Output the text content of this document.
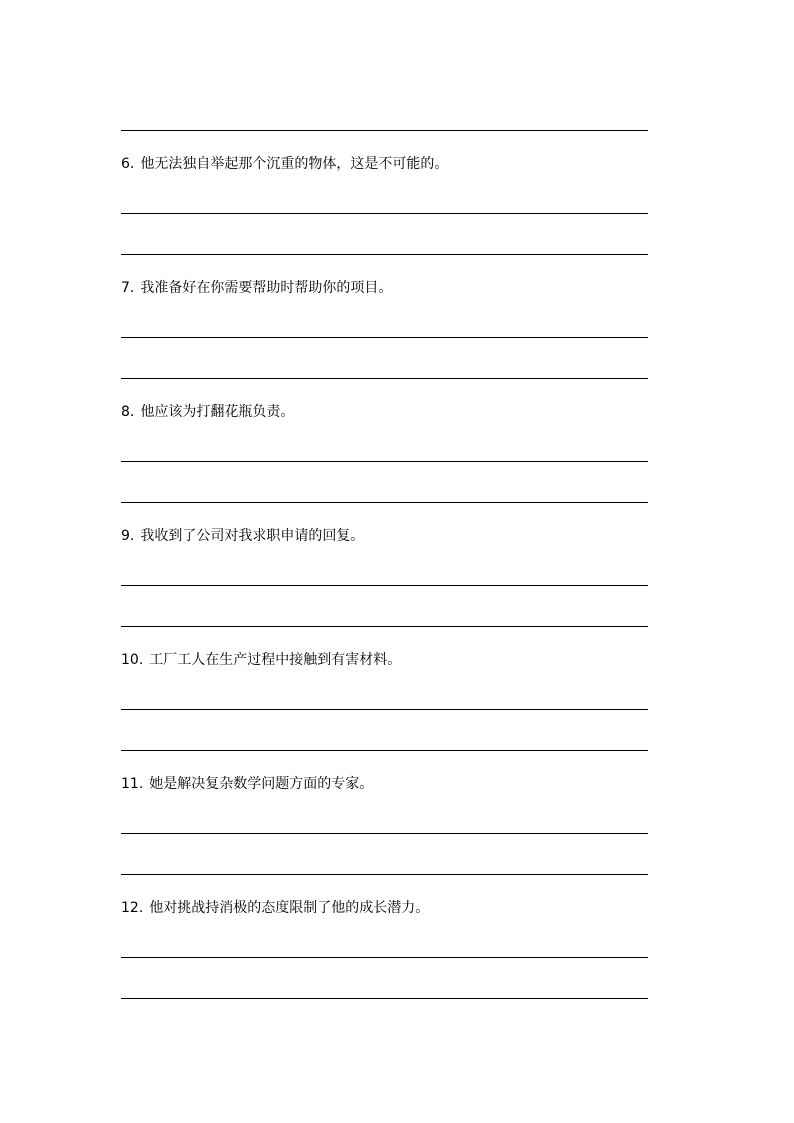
6. 他无法独自举起那个沉重的物体，这是不可能的。
7. 我准备好在你需要帮助时帮助你的项目。
8. 他应该为打翻花瓶负责。
9. 我收到了公司对我求职申请的回复。
10. 工厂工人在生产过程中接触到有害材料。
11. 她是解决复杂数学问题方面的专家。
12. 他对挑战持消极的态度限制了他的成长潜力。
